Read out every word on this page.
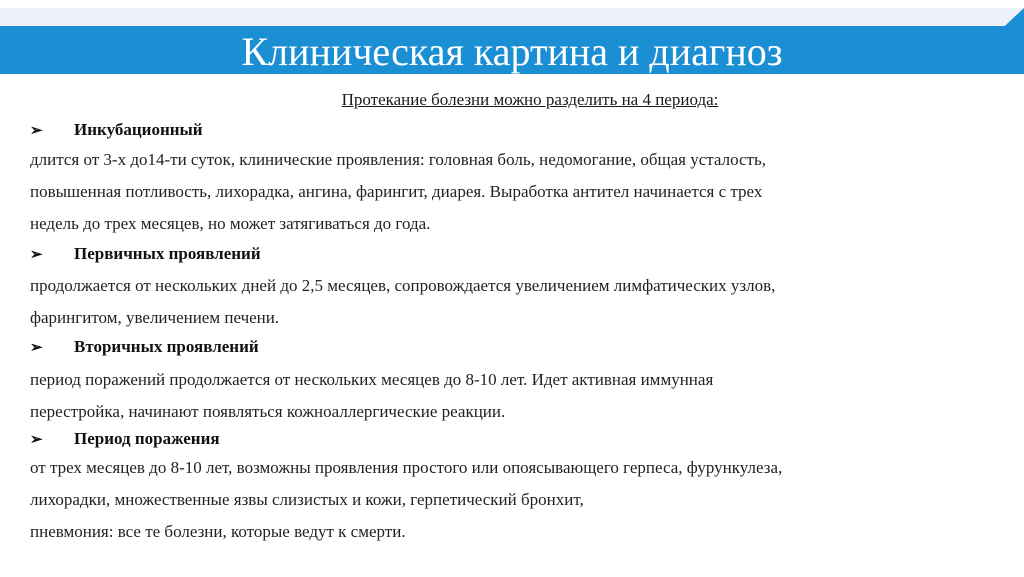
Клиническая картина и диагноз
Протекание болезни можно разделить на 4 периода:
➢	Инкубационный
длится от 3-х до14-ти суток, клинические проявления: головная боль, недомогание, общая усталость,
повышенная потливость, лихорадка, ангина, фарингит, диарея. Выработка антител начинается с трех
недель до трех месяцев, но может затягиваться до года.
➢	Первичных проявлений
продолжается от нескольких дней до 2,5 месяцев, сопровождается увеличением лимфатических узлов,
фарингитом, увеличением печени.
➢	Вторичных проявлений
период поражений продолжается от нескольких месяцев до 8-10 лет. Идет активная иммунная
перестройка, начинают появляться кожноаллергические реакции.
➢	Период поражения
от трех месяцев до 8-10 лет, возможны проявления простого или опоясывающего герпеса, фурункулеза,
лихорадки, множественные язвы слизистых и кожи, герпетический бронхит,
пневмония: все те болезни, которые ведут к смерти.
